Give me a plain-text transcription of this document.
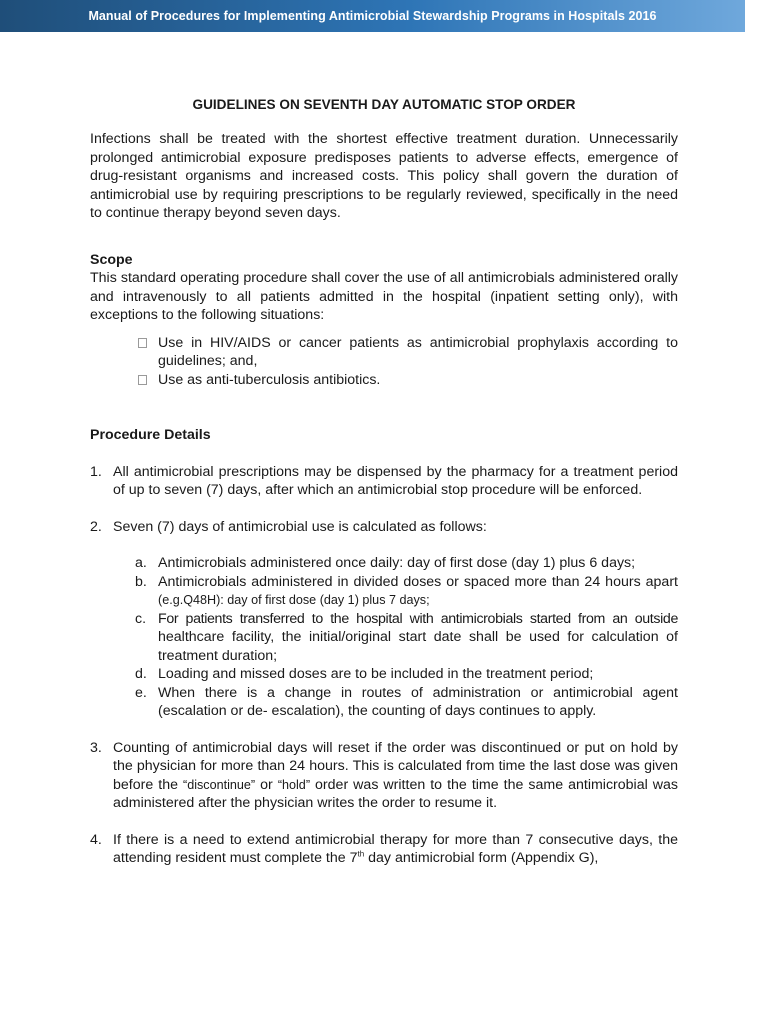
Manual of Procedures for Implementing Antimicrobial Stewardship Programs in Hospitals 2016
GUIDELINES ON SEVENTH DAY AUTOMATIC STOP ORDER

Infections shall be treated with the shortest effective treatment duration. Unnecessarily prolonged antimicrobial exposure predisposes patients to adverse effects, emergence of drug-resistant organisms and increased costs. This policy shall govern the duration of antimicrobial use by requiring prescriptions to be regularly reviewed, specifically in the need to continue therapy beyond seven days.

Scope

This standard operating procedure shall cover the use of all antimicrobials administered orally and intravenously to all patients admitted in the hospital (inpatient setting only), with exceptions to the following situations:

Use in HIV/AIDS or cancer patients as antimicrobial prophylaxis according to guidelines; and,
Use as anti-tuberculosis antibiotics.
Procedure Details
1. All antimicrobial prescriptions may be dispensed by the pharmacy for a treatment period of up to seven (7) days, after which an antimicrobial stop procedure will be enforced.
2. Seven (7) days of antimicrobial use is calculated as follows:
a. Antimicrobials administered once daily: day of first dose (day 1) plus 6 days;
b. Antimicrobials administered in divided doses or spaced more than 24 hours apart (e.g.Q48H): day of first dose (day 1) plus 7 days;
c. For patients transferred to the hospital with antimicrobials started from an outside healthcare facility, the initial/original start date shall be used for calculation of treatment duration;
d. Loading and missed doses are to be included in the treatment period;
e. When there is a change in routes of administration or antimicrobial agent (escalation or de- escalation), the counting of days continues to apply.
3. Counting of antimicrobial days will reset if the order was discontinued or put on hold by the physician for more than 24 hours. This is calculated from time the last dose was given before the “discontinue” or “hold” order was written to the time the same antimicrobial was administered after the physician writes the order to resume it.
4. If there is a need to extend antimicrobial therapy for more than 7 consecutive days, the attending resident must complete the 7th day antimicrobial form (Appendix G),
